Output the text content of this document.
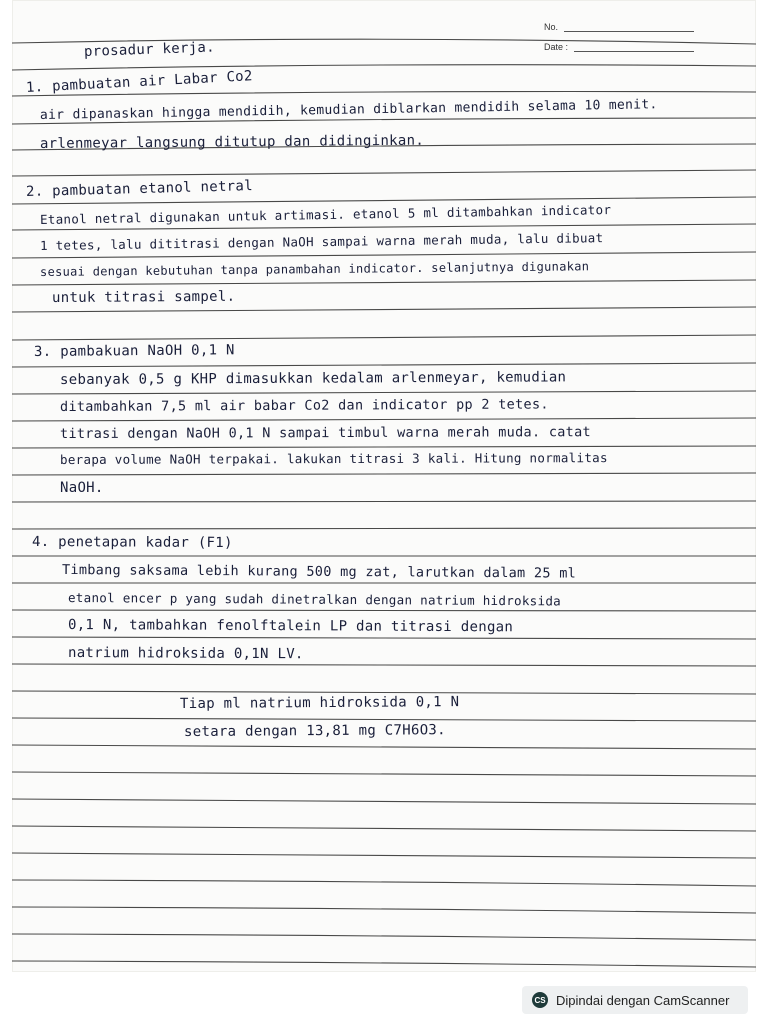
No.
Date :
prosadur kerja.
1. pambuatan air Labar Co2
air dipanaskan hingga mendidih, kemudian diblarkan mendidih selama 10 menit.
arlenmeyar langsung ditutup dan didinginkan.
2. pambuatan etanol netral
Etanol netral digunakan untuk artimasi. etanol 5 ml ditambahkan indicator
1 tetes, lalu dititrasi dengan NaOH sampai warna merah muda, lalu dibuat
sesuai dengan kebutuhan tanpa panambahan indicator. selanjutnya digunakan
untuk titrasi sampel.
3. pambakuan NaOH 0,1 N
sebanyak 0,5 g KHP dimasukkan kedalam arlenmeyar, kemudian
ditambahkan 7,5 ml air babar Co2 dan indicator pp 2 tetes.
titrasi dengan NaOH 0,1 N sampai timbul warna merah muda. catat
berapa volume NaOH terpakai. lakukan titrasi 3 kali. Hitung normalitas
NaOH.
4. penetapan kadar (F1)
Timbang saksama lebih kurang 500 mg zat, larutkan dalam 25 ml
etanol encer p yang sudah dinetralkan dengan natrium hidroksida
0,1 N, tambahkan fenolftalein LP dan titrasi dengan
natrium hidroksida 0,1N LV.
Tiap ml natrium hidroksida 0,1 N
setara dengan 13,81 mg C7H6O3.
CS Dipindai dengan CamScanner
